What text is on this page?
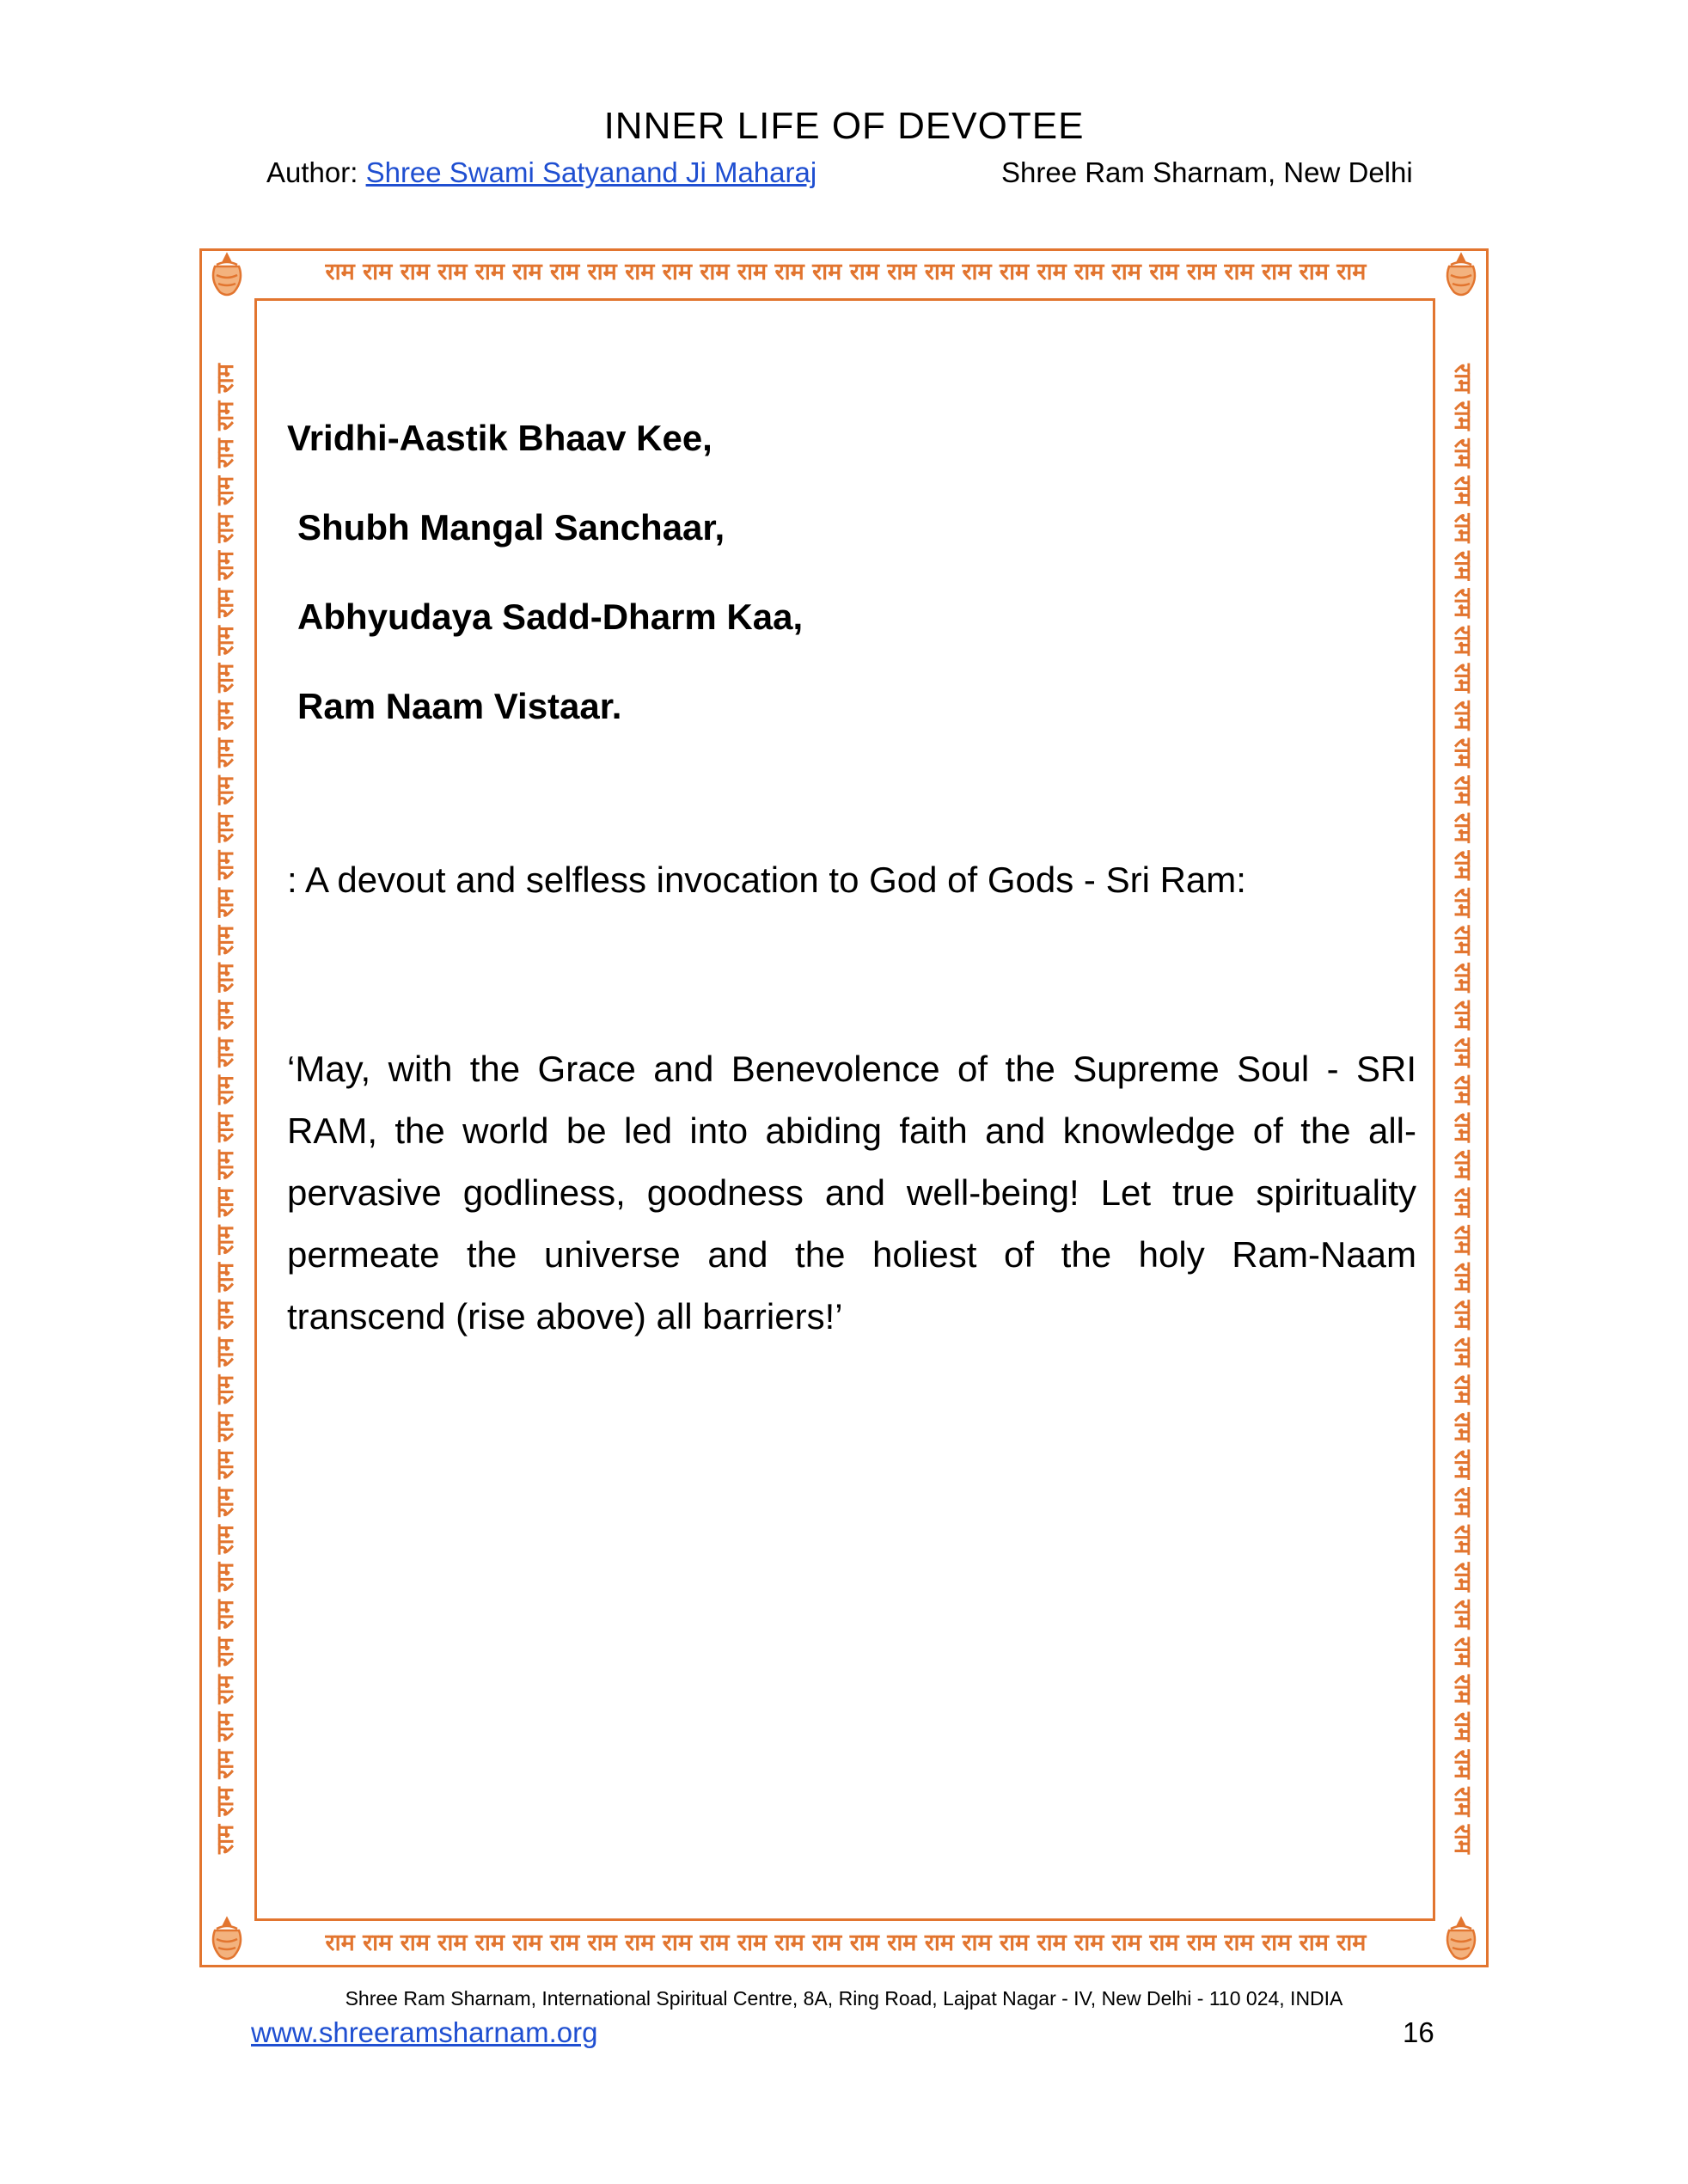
INNER LIFE OF DEVOTEE
Author: Shree Swami Satyanand Ji Maharaj	Shree Ram Sharnam, New Delhi
राम राम राम राम राम राम राम राम राम राम राम राम राम राम राम राम राम राम राम राम राम राम राम राम राम राम राम राम
राम राम राम राम राम राम राम राम राम राम राम राम राम राम राम राम राम राम राम राम राम राम राम राम राम राम राम राम
राम राम राम राम राम राम राम राम राम राम राम राम राम राम राम राम राम राम राम राम राम राम राम राम राम राम राम राम राम राम राम राम राम राम राम राम राम राम राम राम	राम राम राम राम राम राम राम राम राम राम राम राम राम राम राम राम राम राम राम राम राम राम राम राम राम राम राम राम राम राम राम राम राम राम राम राम राम राम राम राम
Vridhi-Aastik Bhaav Kee,
Shubh Mangal Sanchaar,
Abhyudaya Sadd-Dharm Kaa,
Ram Naam Vistaar.
: A devout and selfless invocation to God of Gods - Sri Ram:
‘May, with the Grace and Benevolence of the Supreme Soul - SRI RAM, the world be led into abiding faith and knowledge of the all-pervasive godliness, goodness and well-being! Let true spirituality permeate the universe and the holiest of the holy Ram-Naam transcend (rise above) all barriers!’
Shree Ram Sharnam, International Spiritual Centre, 8A, Ring Road, Lajpat Nagar - IV, New Delhi - 110 024, INDIA
www.shreeramsharnam.org	16
